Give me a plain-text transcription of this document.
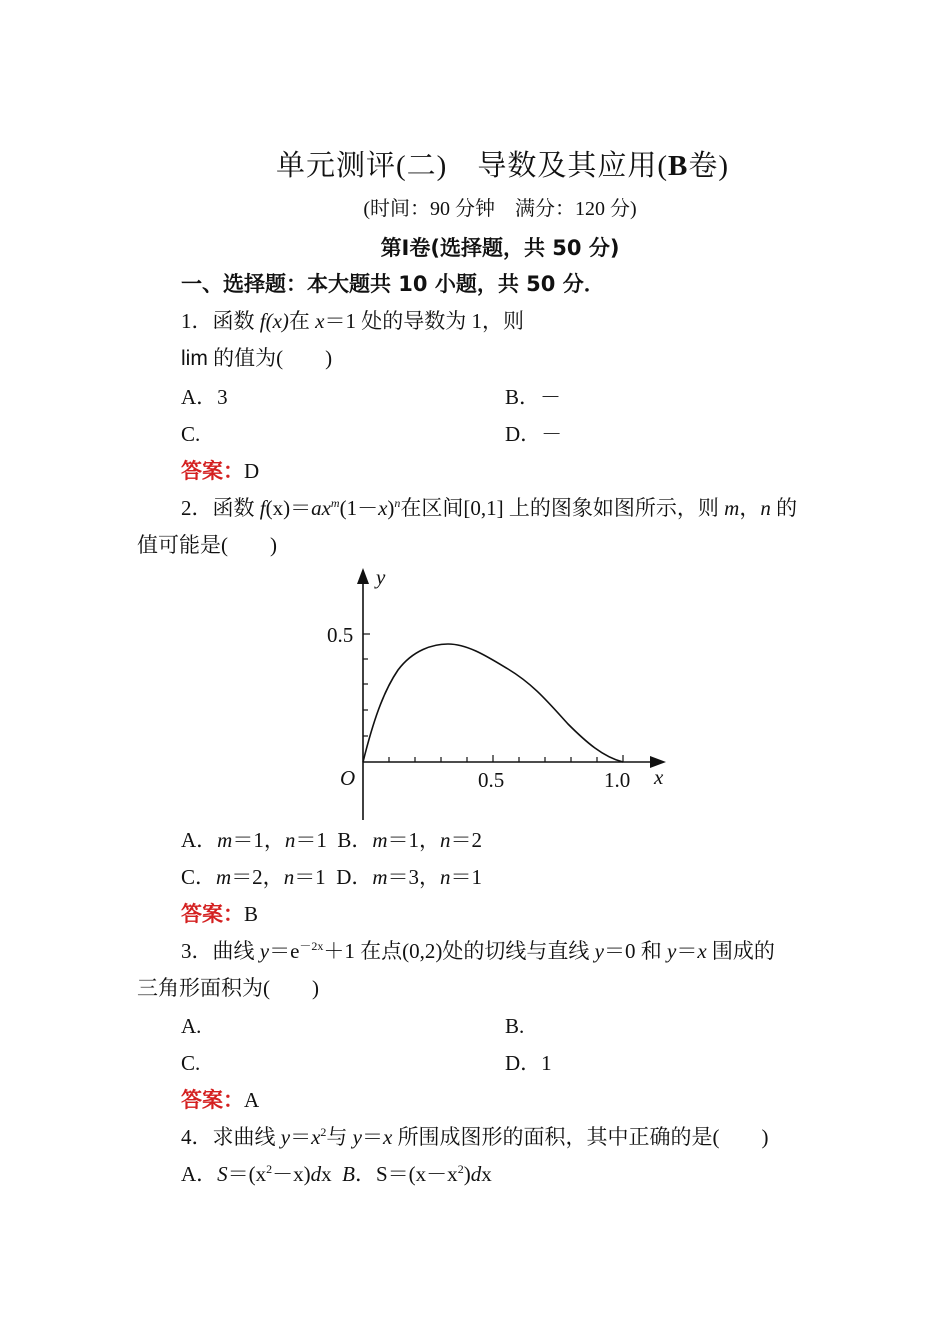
单元测评(二)　导数及其应用(B卷)
(时间：90 分钟　满分：120 分)
第Ⅰ卷(选择题，共 50 分)
一、选择题：本大题共 10 小题，共 50 分．
1．函数 f(x)在 x＝1 处的导数为 1，则
lim 的值为(　　)
A．3	B．－
C.	D．－
答案：D
2．函数 $f(x)=ax^m(1-x)^n$在区间[0,1] 上的图象如图所示，则 m，n 的
值可能是(　　)
y
x
O
0.5
0.5	1.0
A．m＝1，n＝1 B．m＝1，n＝2
C．m＝2，n＝1 D．m＝3，n＝1
答案：B
3．曲线 $y=e^{-2x}+1$ 在点(0,2)处的切线与直线 y＝0 和 y＝x 围成的
三角形面积为(　　)
A.	B.
C.	D．1
答案：A
4．求曲线 $y=x^2$与 y＝x 所围成图形的面积，其中正确的是(　　)
A．$S=(x^2-x)dx$ B．$S=(x-x^2)dx$
